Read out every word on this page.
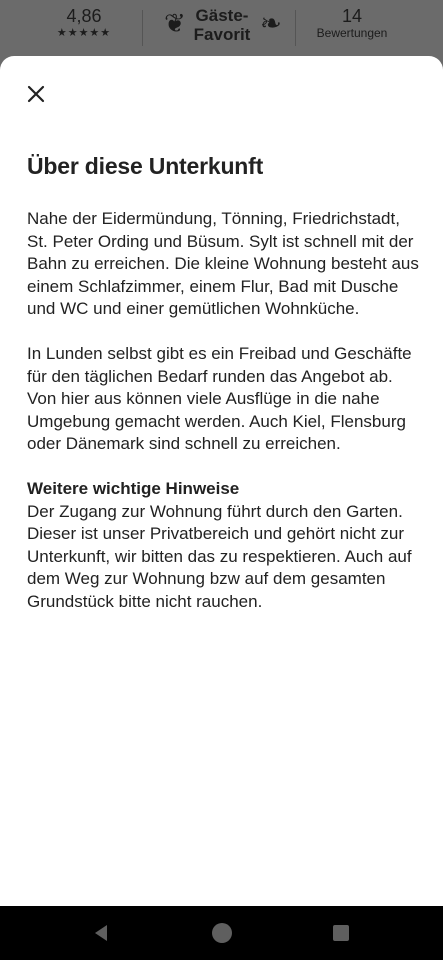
4,86
★★★★★	❦ Gäste-
Favorit ❧	14
Bewertungen
Über diese Unterkunft

Nahe der Eidermündung, Tönning, Friedrichstadt, St. Peter Ording und Büsum. Sylt ist schnell mit der Bahn zu erreichen. Die kleine Wohnung besteht aus einem Schlafzimmer, einem Flur, Bad mit Dusche und WC und einer gemütlichen Wohnküche.

In Lunden selbst gibt es ein Freibad und Geschäfte für den täglichen Bedarf runden das Angebot ab. Von hier aus können viele Ausflüge in die nahe Umgebung gemacht werden. Auch Kiel, Flensburg oder Dänemark sind schnell zu erreichen.

Weitere wichtige Hinweise
Der Zugang zur Wohnung führt durch den Garten. Dieser ist unser Privatbereich und gehört nicht zur Unterkunft, wir bitten das zu respektieren. Auch auf dem Weg zur Wohnung bzw auf dem gesamten Grundstück bitte nicht rauchen.
